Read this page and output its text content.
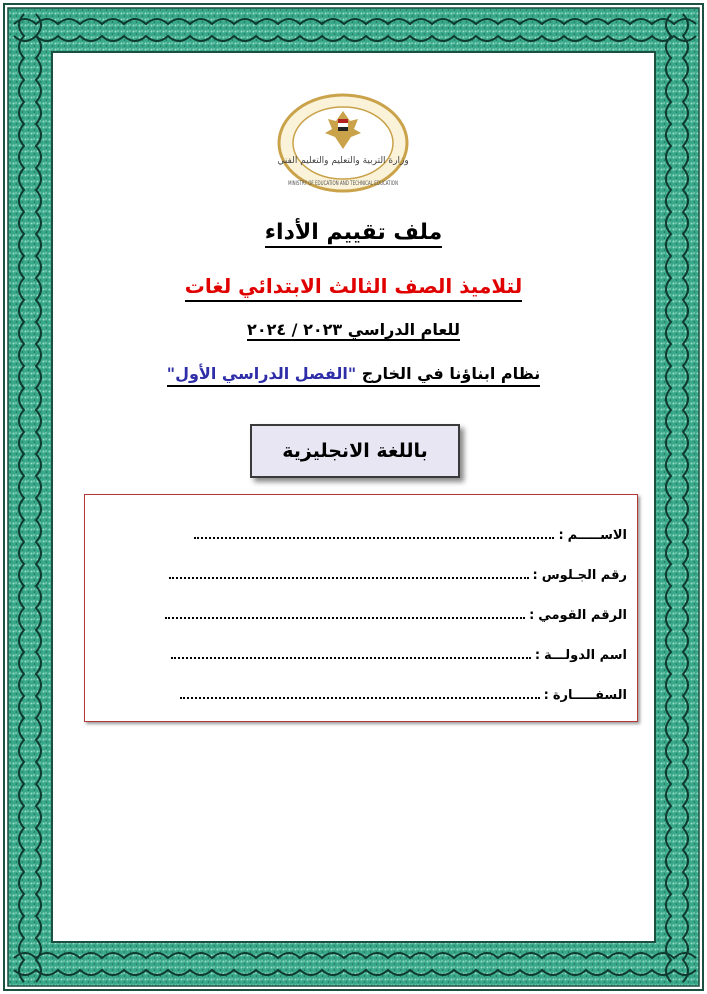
وزارة التربية والتعليم والتعليم الفني
MINISTRY OF EDUCATION AND TECHNICAL EDUCATION
ملف تقييم الأداء
لتلاميذ الصف الثالث الابتدائي لغات
للعام الدراسي ٢٠٢٣ / ٢٠٢٤
نظام ابناؤنا في الخارج "الفصل الدراسي الأول"
باللغة الانجليزية
الاســـــم
:
رقم الجـلوس
:
الرقم القومي
:
اسم الدولـــة
:
السفـــــارة
:
